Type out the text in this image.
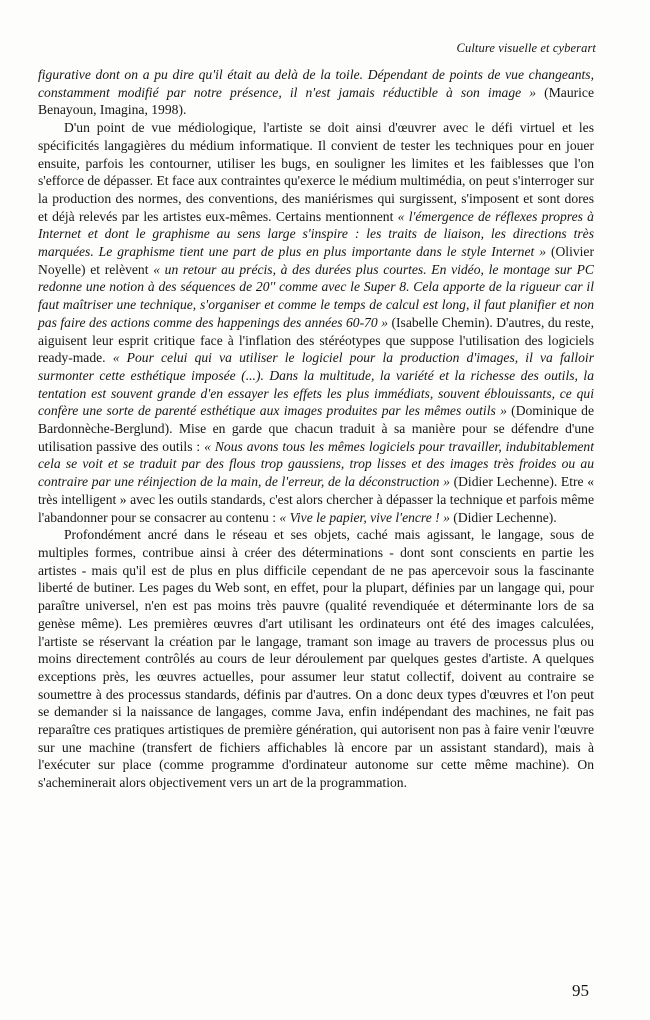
Culture visuelle et cyberart

figurative dont on a pu dire qu'il était au delà de la toile. Dépendant de points de vue changeants, constamment modifié par notre présence, il n'est jamais réductible à son image » (Maurice Benayoun, Imagina, 1998).

D'un point de vue médiologique, l'artiste se doit ainsi d'œuvrer avec le défi virtuel et les spécificités langagières du médium informatique. Il convient de tester les techniques pour en jouer ensuite, parfois les contourner, utiliser les bugs, en souligner les limites et les faiblesses que l'on s'efforce de dépasser. Et face aux contraintes qu'exerce le médium multimédia, on peut s'interroger sur la production des normes, des conventions, des maniérismes qui surgissent, s'imposent et sont dores et déjà relevés par les artistes eux-mêmes. Certains mentionnent « l'émergence de réflexes propres à Internet et dont le graphisme au sens large s'inspire : les traits de liaison, les directions très marquées. Le graphisme tient une part de plus en plus importante dans le style Internet » (Olivier Noyelle) et relèvent « un retour au précis, à des durées plus courtes. En vidéo, le montage sur PC redonne une notion à des séquences de 20'' comme avec le Super 8. Cela apporte de la rigueur car il faut maîtriser une technique, s'organiser et comme le temps de calcul est long, il faut planifier et non pas faire des actions comme des happenings des années 60-70 » (Isabelle Chemin). D'autres, du reste, aiguisent leur esprit critique face à l'inflation des stéréotypes que suppose l'utilisation des logiciels ready-made. « Pour celui qui va utiliser le logiciel pour la production d'images, il va falloir surmonter cette esthétique imposée (...). Dans la multitude, la variété et la richesse des outils, la tentation est souvent grande d'en essayer les effets les plus immédiats, souvent éblouissants, ce qui confère une sorte de parenté esthétique aux images produites par les mêmes outils » (Dominique de Bardonnèche-Berglund). Mise en garde que chacun traduit à sa manière pour se défendre d'une utilisation passive des outils : « Nous avons tous les mêmes logiciels pour travailler, indubitablement cela se voit et se traduit par des flous trop gaussiens, trop lisses et des images très froides ou au contraire par une réinjection de la main, de l'erreur, de la déconstruction » (Didier Lechenne). Etre « très intelligent » avec les outils standards, c'est alors chercher à dépasser la technique et parfois même l'abandonner pour se consacrer au contenu : « Vive le papier, vive l'encre ! » (Didier Lechenne).

Profondément ancré dans le réseau et ses objets, caché mais agissant, le langage, sous de multiples formes, contribue ainsi à créer des déterminations - dont sont conscients en partie les artistes - mais qu'il est de plus en plus difficile cependant de ne pas apercevoir sous la fascinante liberté de butiner. Les pages du Web sont, en effet, pour la plupart, définies par un langage qui, pour paraître universel, n'en est pas moins très pauvre (qualité revendiquée et déterminante lors de sa genèse même). Les premières œuvres d'art utilisant les ordinateurs ont été des images calculées, l'artiste se réservant la création par le langage, tramant son image au travers de processus plus ou moins directement contrôlés au cours de leur déroulement par quelques gestes d'artiste. A quelques exceptions près, les œuvres actuelles, pour assumer leur statut collectif, doivent au contraire se soumettre à des processus standards, définis par d'autres. On a donc deux types d'œuvres et l'on peut se demander si la naissance de langages, comme Java, enfin indépendant des machines, ne fait pas reparaître ces pratiques artistiques de première génération, qui autorisent non pas à faire venir l'œuvre sur une machine (transfert de fichiers affichables là encore par un assistant standard), mais à l'exécuter sur place (comme programme d'ordinateur autonome sur cette même machine). On s'acheminerait alors objectivement vers un art de la programmation.

95
